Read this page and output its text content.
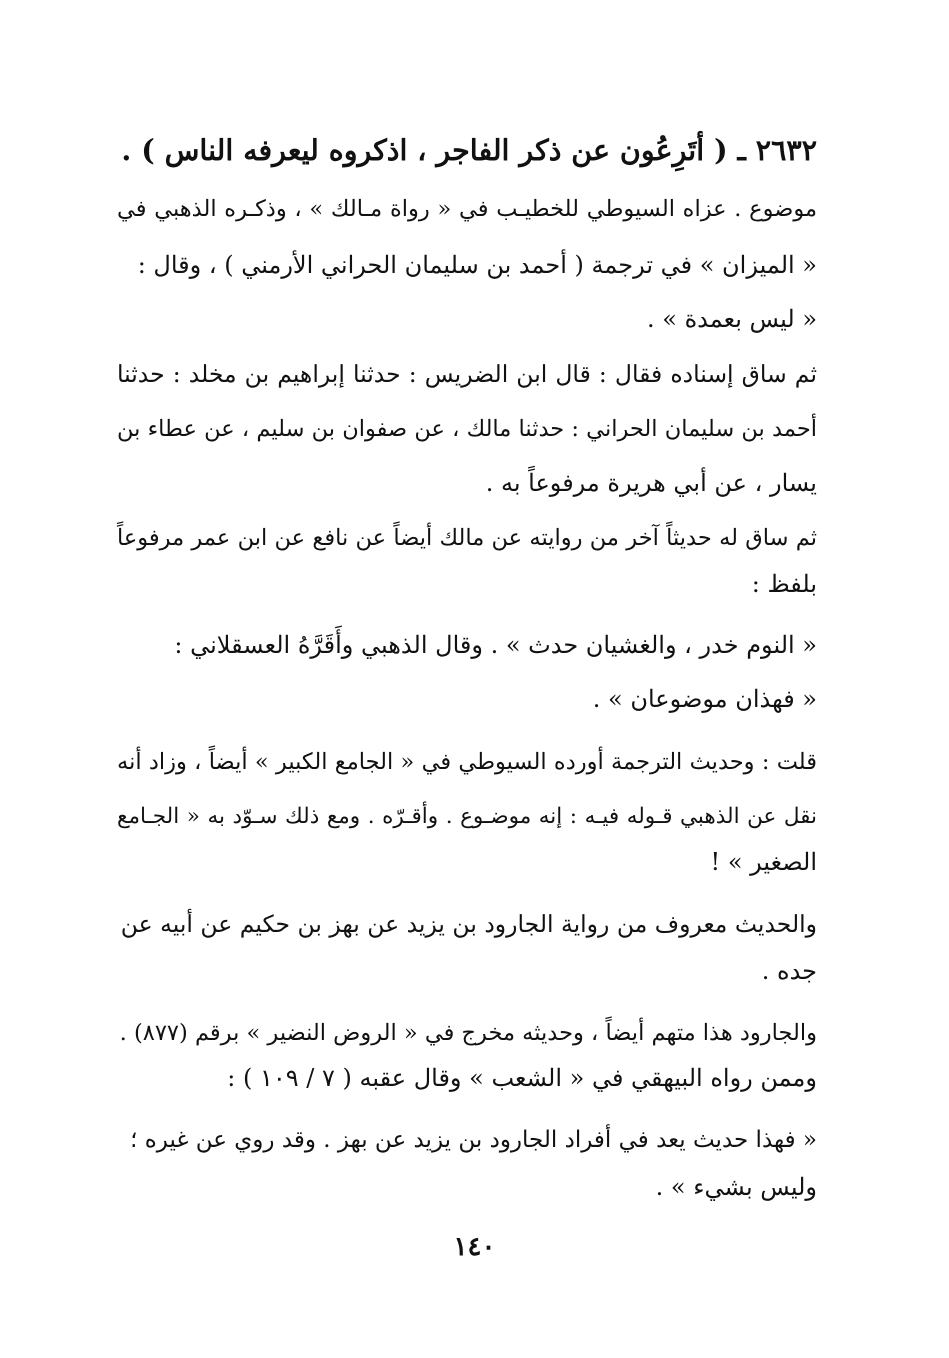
٢٦٣٢ ـ ( أتَرِعُون عن ذكر الفاجر ، اذكروه ليعرفه الناس ) .
موضوع . عزاه السيوطي للخطيـب في « رواة مـالك » ، وذكـره الذهبي في
« الميزان » في ترجمة ( أحمد بن سليمان الحراني الأرمني ) ، وقال :
« ليس بعمدة » .
ثم ساق إسناده فقال : قال ابن الضريس : حدثنا إبراهيم بن مخلد : حدثنا
أحمد بن سليمان الحراني : حدثنا مالك ، عن صفوان بن سليم ، عن عطاء بن
يسار ، عن أبي هريرة مرفوعاً به .
ثم ساق له حديثاً آخر من روايته عن مالك أيضاً عن نافع عن ابن عمر مرفوعاً
بلفظ :
« النوم خدر ، والغشيان حدث » . وقال الذهبي وأَقَرَّهُ العسقلاني :
« فهذان موضوعان » .
قلت : وحديث الترجمة أورده السيوطي في « الجامع الكبير » أيضاً ، وزاد أنه
نقل عن الذهبي قـوله فيـه : إنه موضـوع . وأقـرّه . ومع ذلك سـوّد به « الجـامع
الصغير » !
والحديث معروف من رواية الجارود بن يزيد عن بهز بن حكيم عن أبيه عن
جده .
والجارود هذا متهم أيضاً ، وحديثه مخرج في « الروض النضير » برقم (٨٧٧) .
وممن رواه البيهقي في « الشعب » وقال عقبه ( ٧ / ١٠٩ ) :
« فهذا حديث يعد في أفراد الجارود بن يزيد عن بهز . وقد روي عن غيره ؛
وليس بشيء » .
١٤٠
